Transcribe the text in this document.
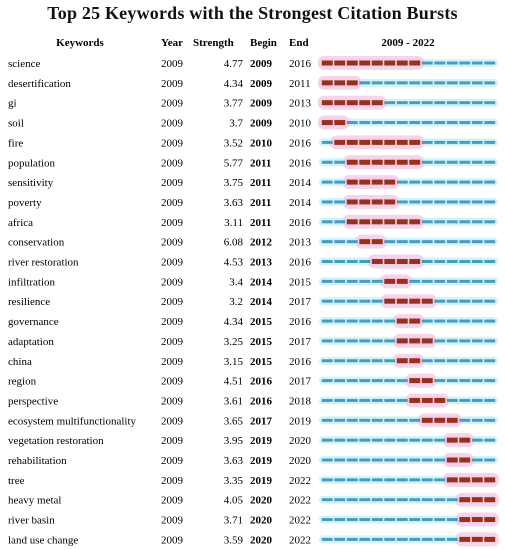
Top 25 Keywords with the Strongest Citation Bursts
Keywords	Year Strength Begin End	2009 - 2022
science	2009	4.77 2009 2016
desertification	2009	4.34 2009 2011
gi	2009	3.77 2009 2013
soil	2009	3.7 2009 2010
fire	2009	3.52 2010 2016
population	2009	5.77 2011 2016
sensitivity	2009	3.75 2011 2014
poverty	2009	3.63 2011 2014
africa	2009	3.11 2011 2016
conservation	2009	6.08 2012 2013
river restoration	2009	4.53 2013 2016
infiltration	2009	3.4 2014 2015
resilience	2009	3.2 2014 2017
governance	2009	4.34 2015 2016
adaptation	2009	3.25 2015 2017
china	2009	3.15 2015 2016
region	2009	4.51 2016 2017
perspective	2009	3.61 2016 2018
ecosystem multifunctionality 2009	3.65 2017 2019
vegetation restoration	2009	3.95 2019 2020
rehabilitation	2009	3.63 2019 2020
tree	2009	3.35 2019 2022
heavy metal	2009	4.05 2020 2022
river basin	2009	3.71 2020 2022
land use change	2009	3.59 2020 2022
